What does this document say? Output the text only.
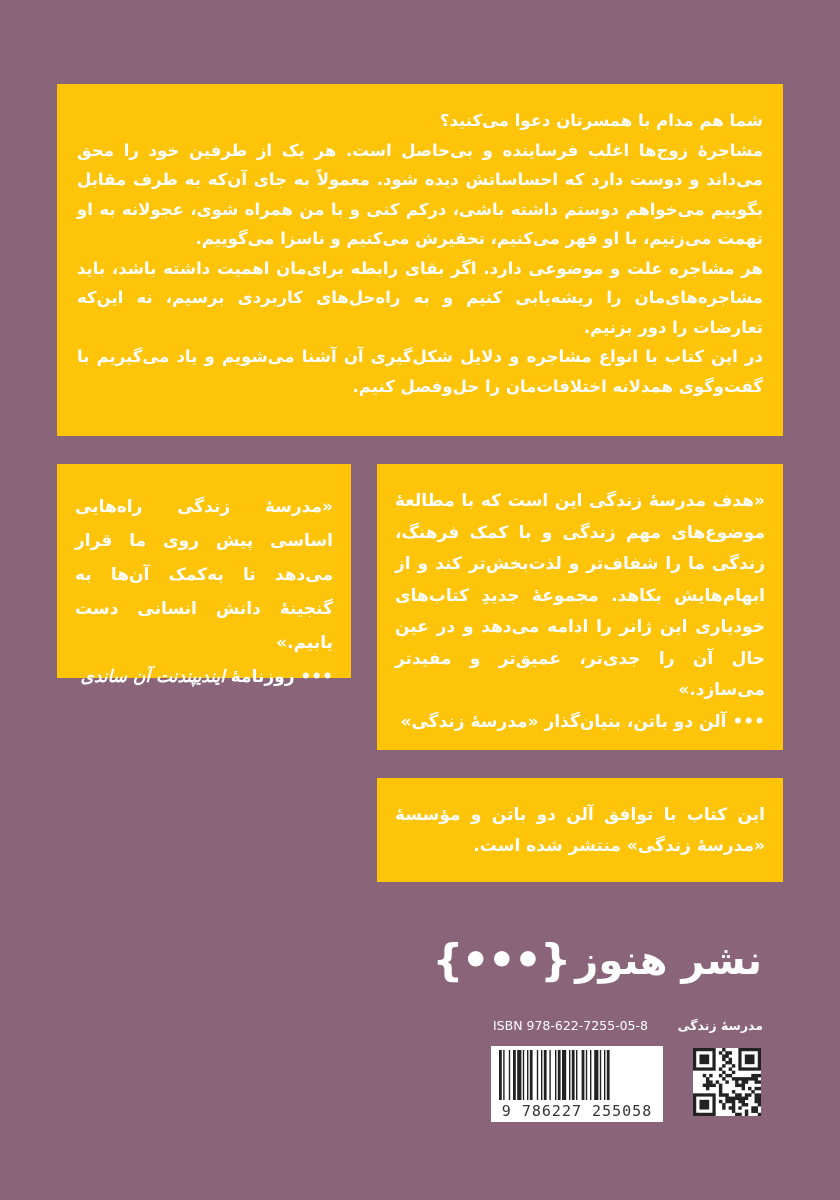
شما هم مدام با همسرتان دعوا می‌کنید؟

مشاجرهٔ زوج‌ها اغلب فرساینده و بی‌حاصل است. هر یک از طرفین خود را محق می‌داند و دوست دارد که احساساتش دیده شود. معمولاً به جای آن‌که به طرف مقابل بگوییم می‌خواهم دوستم داشته باشی، درکم کنی و با من همراه شوی، عجولانه به او تهمت می‌زنیم، با او قهر می‌کنیم، تحقیرش می‌کنیم و ناسزا می‌گوییم.

هر مشاجره علت و موضوعی دارد. اگر بقای رابطه برای‌مان اهمیت داشته باشد، باید مشاجره‌های‌مان را ریشه‌یابی کنیم و به راه‌حل‌های کاربردی برسیم، نه این‌که تعارضات را دور بزنیم.

در این کتاب با انواع مشاجره و دلایل شکل‌گیری آن آشنا می‌شویم و یاد می‌گیریم با گفت‌وگوی همدلانه اختلافات‌مان را حل‌وفصل کنیم.

«مدرسهٔ زندگی راه‌هایی اساسی پیش روی ما قرار می‌دهد تا به‌کمک آن‌ها به گنجینهٔ دانش انسانی دست یابیم.»

••• روزنامهٔ ایندیپندنت آن ساندی

«هدف مدرسهٔ زندگی این است که با مطالعهٔ موضوع‌های مهم زندگی و با کمک فرهنگ، زندگی ما را شفاف‌تر و لذت‌بخش‌تر کند و از ابهام‌هایش بکاهد. مجموعهٔ جدیدِ کتاب‌های خودیاری این ژانر را ادامه می‌دهد و در عین حال آن را جدی‌تر، عمیق‌تر و مفیدتر می‌سازد.»

••• آلن دو باتن، بنیان‌گذار «مدرسهٔ زندگی»

این کتاب با توافق آلن دو باتن و مؤسسهٔ «مدرسهٔ زندگی» منتشر شده است.

نشر هنوز
{•••}
ISBN 978-622-7255-05-8 مدرسهٔ زندگی
9 786227 255058
